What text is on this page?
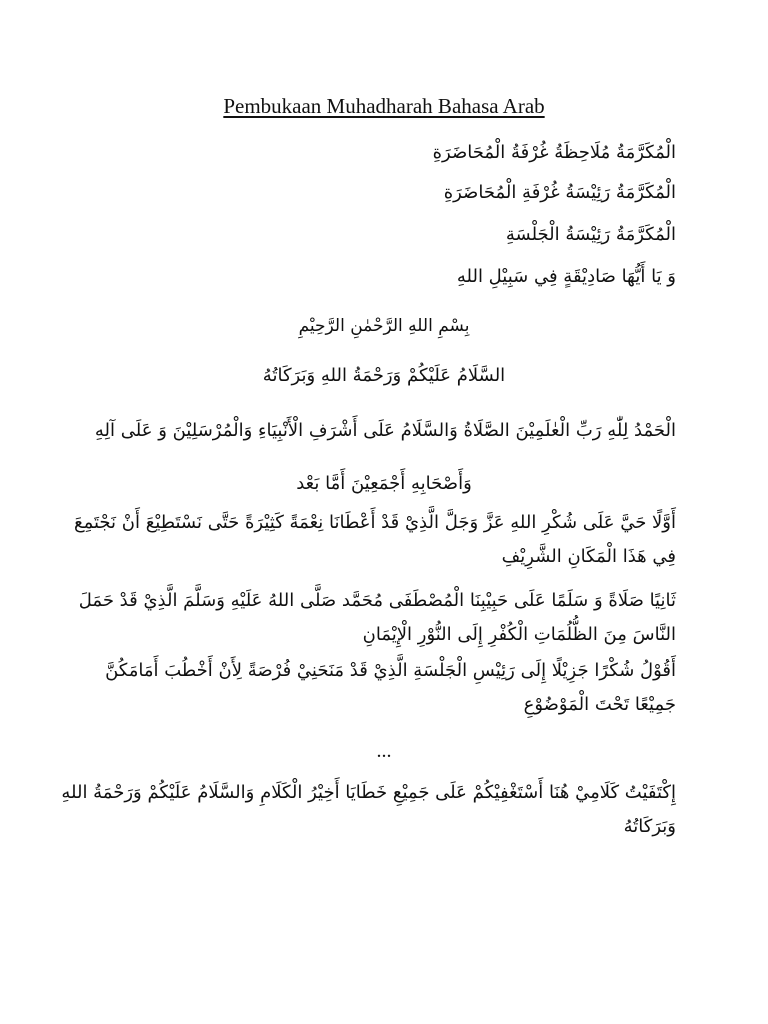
Pembukaan Muhadharah Bahasa Arab
الْمُكَرَّمَةُ مُلَاحِظَةُ غُرْفَةُ الْمُحَاضَرَةِ
الْمُكَرَّمَةُ رَئِيْسَةُ غُرْفَةِ الْمُحَاضَرَةِ
الْمُكَرَّمَةُ رَئِيْسَةُ الْجَلْسَةِ
وَ يَا أَيُّهَا صَادِيْقَةٍ فِي سَبِيْلِ اللهِ
بِسْمِ اللهِ الرَّحْمٰنِ الرَّحِيْمِ
السَّلَامُ عَلَيْكُمْ وَرَحْمَةُ اللهِ وَبَرَكَاتُهُ
الْحَمْدُ لِلّٰهِ رَبِّ الْعٰلَمِيْنَ الصَّلَاةُ وَالسَّلَامُ عَلَى أَشْرَفِ الْأَنْبِيَاءِ وَالْمُرْسَلِيْنَ وَ عَلَى آلِهِ
وَأَصْحَابِهِ أَجْمَعِيْنَ أَمَّا بَعْد
أَوَّلًا حَيَّ عَلَى شُكْرِ اللهِ عَزَّ وَجَلَّ الَّذِيْ قَدْ أَعْطَانَا نِعْمَةً كَثِيْرَةً حَتَّى نَسْتَطِيْعَ أَنْ نَجْتَمِعَ
فِي هَذَا الْمَكَانِ الشَّرِيْفِ
ثَانِيًا صَلَاةً وَ سَلَمًا عَلَى حَبِيْبِنَا الْمُصْطَفَى مُحَمَّد صَلَّى اللهُ عَلَيْهِ وَسَلَّمَ الَّذِيْ قَدْ حَمَلَ
النَّاسَ مِنَ الظُّلُمَاتِ الْكُفْرِ إِلَى النُّوْرِ الْإِيْمَانِ
أَقُوْلُ شُكْرًا جَزِيْلًا إِلَى رَئِيْسِ الْجَلْسَةِ الَّذِيْ قَدْ مَنَحَنِيْ فُرْصَةً لِأَنْ أَخْطُبَ أَمَامَكُنَّ
جَمِيْعًا تَحْتَ الْمَوْضُوْعِ
...
إِكْتَفَيْتُ كَلَامِيْ هُنَا أَسْتَغْفِيْكُمْ عَلَى جَمِيْعِ خَطَايَا أَخِيْرُ الْكَلَامِ وَالسَّلَامُ عَلَيْكُمْ وَرَحْمَةُ اللهِ
وَبَرَكَاتُهُ
